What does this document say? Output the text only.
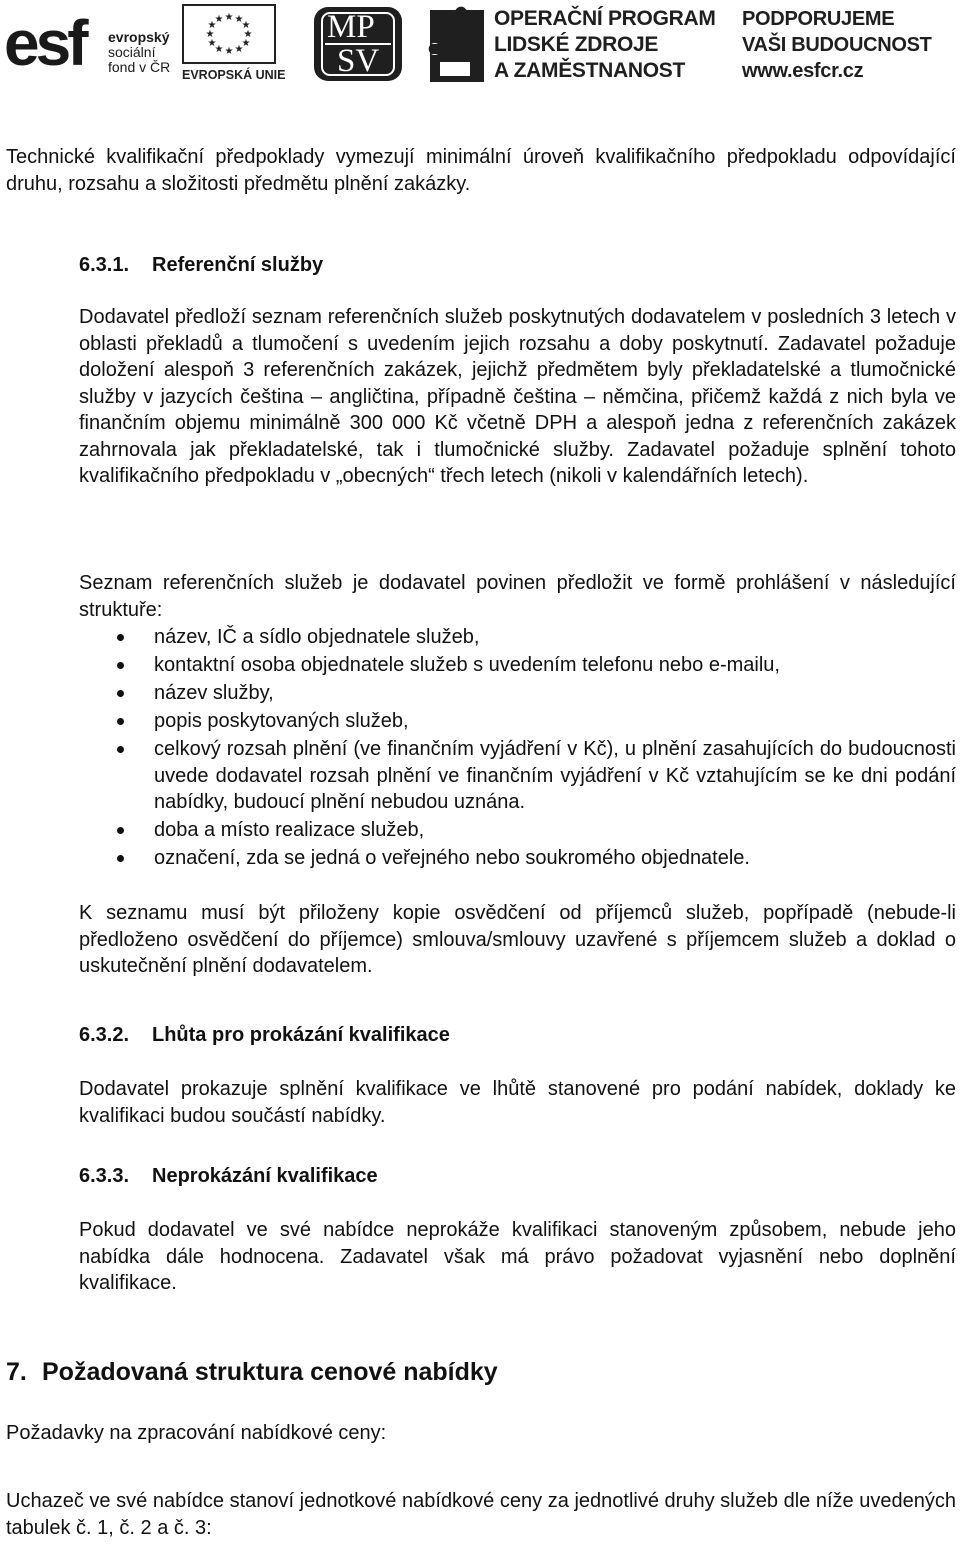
esf evropský
sociální
fond v ČR
★ ★
★
★
★
★
★
★
★
★
★
★
EVROPSKÁ UNIE
MP
SV
OPERAČNÍ PROGRAM
LIDSKÉ ZDROJE
A ZAMĚSTNANOST
PODPORUJEME
VAŠI BUDOUCNOST
www.esfcr.cz

Technické kvalifikační předpoklady vymezují minimální úroveň kvalifikačního předpokladu odpovídající druhu, rozsahu a složitosti předmětu plnění zakázky.

6.3.1. Referenční služby

Dodavatel předloží seznam referenčních služeb poskytnutých dodavatelem v posledních 3 letech v oblasti překladů a tlumočení s uvedením jejich rozsahu a doby poskytnutí. Zadavatel požaduje doložení alespoň 3 referenčních zakázek, jejichž předmětem byly překladatelské a tlumočnické služby v jazycích čeština – angličtina, případně čeština – němčina, přičemž každá z nich byla ve finančním objemu minimálně 300 000 Kč včetně DPH a alespoň jedna z referenčních zakázek zahrnovala jak překladatelské, tak i tlumočnické služby. Zadavatel požaduje splnění tohoto kvalifikačního předpokladu v „obecných“ třech letech (nikoli v kalendářních letech).

Seznam referenčních služeb je dodavatel povinen předložit ve formě prohlášení v následující struktuře:

název, IČ a sídlo objednatele služeb,
kontaktní osoba objednatele služeb s uvedením telefonu nebo e-mailu,
název služby,
popis poskytovaných služeb,
celkový rozsah plnění (ve finančním vyjádření v Kč), u plnění zasahujících do budoucnosti uvede dodavatel rozsah plnění ve finančním vyjádření v Kč vztahujícím se ke dni podání nabídky, budoucí plnění nebudou uznána.
doba a místo realizace služeb,
označení, zda se jedná o veřejného nebo soukromého objednatele.

K seznamu musí být přiloženy kopie osvědčení od příjemců služeb, popřípadě (nebude-li předloženo osvědčení do příjemce) smlouva/smlouvy uzavřené s příjemcem služeb a doklad o uskutečnění plnění dodavatelem.

6.3.2. Lhůta pro prokázání kvalifikace

Dodavatel prokazuje splnění kvalifikace ve lhůtě stanovené pro podání nabídek, doklady ke kvalifikaci budou součástí nabídky.

6.3.3. Neprokázání kvalifikace

Pokud dodavatel ve své nabídce neprokáže kvalifikaci stanoveným způsobem, nebude jeho nabídka dále hodnocena. Zadavatel však má právo požadovat vyjasnění nebo doplnění kvalifikace.

7. Požadovaná struktura cenové nabídky

Požadavky na zpracování nabídkové ceny:

Uchazeč ve své nabídce stanoví jednotkové nabídkové ceny za jednotlivé druhy služeb dle níže uvedených tabulek č. 1, č. 2 a č. 3:
